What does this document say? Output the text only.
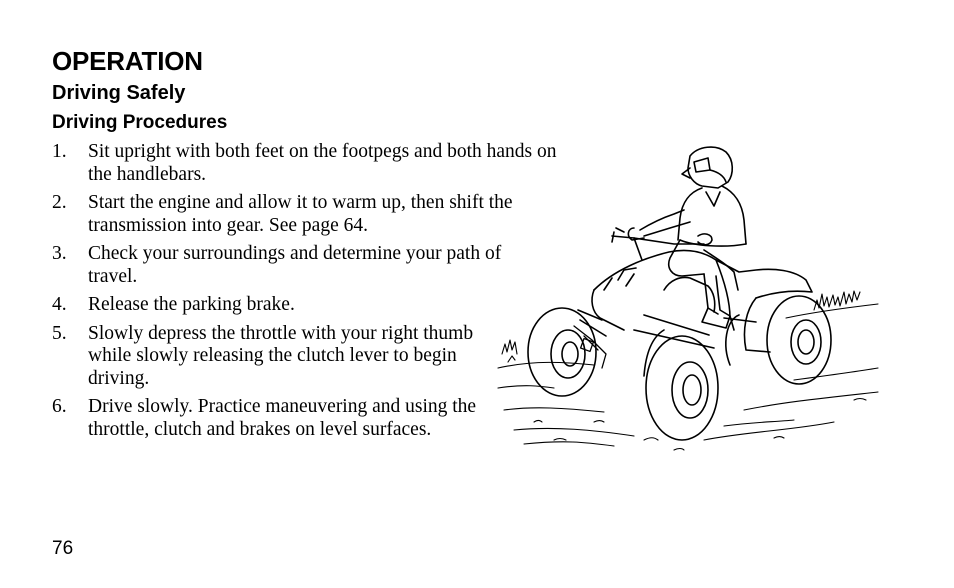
OPERATION
Driving Safely
Driving Procedures
1. Sit upright with both feet on the footpegs and both hands on the handlebars.
2. Start the engine and allow it to warm up, then shift the transmission into gear. See page 64.
3. Check your surroundings and determine your path of travel.
4. Release the parking brake.
5. Slowly depress the throttle with your right thumb while slowly releasing the clutch lever to begin driving.
6. Drive slowly. Practice maneuvering and using the throttle, clutch and brakes on level surfaces.
76
